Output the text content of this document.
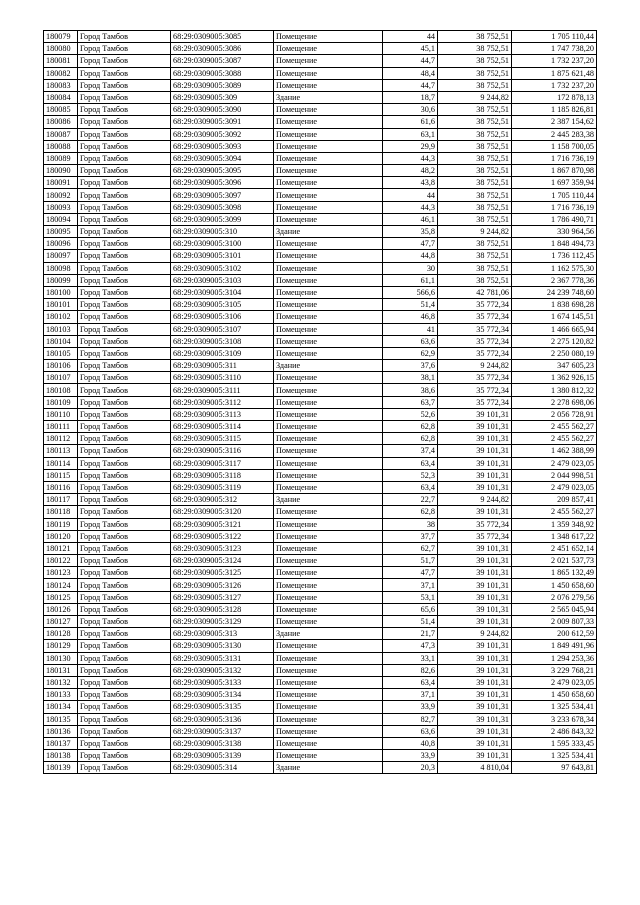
180079	Город Тамбов	68:29:0309005:3085	Помещение	44	38 752,51	1 705 110,44
180080	Город Тамбов	68:29:0309005:3086	Помещение	45,1	38 752,51	1 747 738,20
180081	Город Тамбов	68:29:0309005:3087	Помещение	44,7	38 752,51	1 732 237,20
180082	Город Тамбов	68:29:0309005:3088	Помещение	48,4	38 752,51	1 875 621,48
180083	Город Тамбов	68:29:0309005:3089	Помещение	44,7	38 752,51	1 732 237,20
180084	Город Тамбов	68:29:0309005:309	Здание	18,7	9 244,82	172 878,13
180085	Город Тамбов	68:29:0309005:3090	Помещение	30,6	38 752,51	1 185 826,81
180086	Город Тамбов	68:29:0309005:3091	Помещение	61,6	38 752,51	2 387 154,62
180087	Город Тамбов	68:29:0309005:3092	Помещение	63,1	38 752,51	2 445 283,38
180088	Город Тамбов	68:29:0309005:3093	Помещение	29,9	38 752,51	1 158 700,05
180089	Город Тамбов	68:29:0309005:3094	Помещение	44,3	38 752,51	1 716 736,19
180090	Город Тамбов	68:29:0309005:3095	Помещение	48,2	38 752,51	1 867 870,98
180091	Город Тамбов	68:29:0309005:3096	Помещение	43,8	38 752,51	1 697 359,94
180092	Город Тамбов	68:29:0309005:3097	Помещение	44	38 752,51	1 705 110,44
180093	Город Тамбов	68:29:0309005:3098	Помещение	44,3	38 752,51	1 716 736,19
180094	Город Тамбов	68:29:0309005:3099	Помещение	46,1	38 752,51	1 786 490,71
180095	Город Тамбов	68:29:0309005:310	Здание	35,8	9 244,82	330 964,56
180096	Город Тамбов	68:29:0309005:3100	Помещение	47,7	38 752,51	1 848 494,73
180097	Город Тамбов	68:29:0309005:3101	Помещение	44,8	38 752,51	1 736 112,45
180098	Город Тамбов	68:29:0309005:3102	Помещение	30	38 752,51	1 162 575,30
180099	Город Тамбов	68:29:0309005:3103	Помещение	61,1	38 752,51	2 367 778,36
180100	Город Тамбов	68:29:0309005:3104	Помещение	566,6	42 781,06	24 239 748,60
180101	Город Тамбов	68:29:0309005:3105	Помещение	51,4	35 772,34	1 838 698,28
180102	Город Тамбов	68:29:0309005:3106	Помещение	46,8	35 772,34	1 674 145,51
180103	Город Тамбов	68:29:0309005:3107	Помещение	41	35 772,34	1 466 665,94
180104	Город Тамбов	68:29:0309005:3108	Помещение	63,6	35 772,34	2 275 120,82
180105	Город Тамбов	68:29:0309005:3109	Помещение	62,9	35 772,34	2 250 080,19
180106	Город Тамбов	68:29:0309005:311	Здание	37,6	9 244,82	347 605,23
180107	Город Тамбов	68:29:0309005:3110	Помещение	38,1	35 772,34	1 362 926,15
180108	Город Тамбов	68:29:0309005:3111	Помещение	38,6	35 772,34	1 380 812,32
180109	Город Тамбов	68:29:0309005:3112	Помещение	63,7	35 772,34	2 278 698,06
180110	Город Тамбов	68:29:0309005:3113	Помещение	52,6	39 101,31	2 056 728,91
180111	Город Тамбов	68:29:0309005:3114	Помещение	62,8	39 101,31	2 455 562,27
180112	Город Тамбов	68:29:0309005:3115	Помещение	62,8	39 101,31	2 455 562,27
180113	Город Тамбов	68:29:0309005:3116	Помещение	37,4	39 101,31	1 462 388,99
180114	Город Тамбов	68:29:0309005:3117	Помещение	63,4	39 101,31	2 479 023,05
180115	Город Тамбов	68:29:0309005:3118	Помещение	52,3	39 101,31	2 044 998,51
180116	Город Тамбов	68:29:0309005:3119	Помещение	63,4	39 101,31	2 479 023,05
180117	Город Тамбов	68:29:0309005:312	Здание	22,7	9 244,82	209 857,41
180118	Город Тамбов	68:29:0309005:3120	Помещение	62,8	39 101,31	2 455 562,27
180119	Город Тамбов	68:29:0309005:3121	Помещение	38	35 772,34	1 359 348,92
180120	Город Тамбов	68:29:0309005:3122	Помещение	37,7	35 772,34	1 348 617,22
180121	Город Тамбов	68:29:0309005:3123	Помещение	62,7	39 101,31	2 451 652,14
180122	Город Тамбов	68:29:0309005:3124	Помещение	51,7	39 101,31	2 021 537,73
180123	Город Тамбов	68:29:0309005:3125	Помещение	47,7	39 101,31	1 865 132,49
180124	Город Тамбов	68:29:0309005:3126	Помещение	37,1	39 101,31	1 450 658,60
180125	Город Тамбов	68:29:0309005:3127	Помещение	53,1	39 101,31	2 076 279,56
180126	Город Тамбов	68:29:0309005:3128	Помещение	65,6	39 101,31	2 565 045,94
180127	Город Тамбов	68:29:0309005:3129	Помещение	51,4	39 101,31	2 009 807,33
180128	Город Тамбов	68:29:0309005:313	Здание	21,7	9 244,82	200 612,59
180129	Город Тамбов	68:29:0309005:3130	Помещение	47,3	39 101,31	1 849 491,96
180130	Город Тамбов	68:29:0309005:3131	Помещение	33,1	39 101,31	1 294 253,36
180131	Город Тамбов	68:29:0309005:3132	Помещение	82,6	39 101,31	3 229 768,21
180132	Город Тамбов	68:29:0309005:3133	Помещение	63,4	39 101,31	2 479 023,05
180133	Город Тамбов	68:29:0309005:3134	Помещение	37,1	39 101,31	1 450 658,60
180134	Город Тамбов	68:29:0309005:3135	Помещение	33,9	39 101,31	1 325 534,41
180135	Город Тамбов	68:29:0309005:3136	Помещение	82,7	39 101,31	3 233 678,34
180136	Город Тамбов	68:29:0309005:3137	Помещение	63,6	39 101,31	2 486 843,32
180137	Город Тамбов	68:29:0309005:3138	Помещение	40,8	39 101,31	1 595 333,45
180138	Город Тамбов	68:29:0309005:3139	Помещение	33,9	39 101,31	1 325 534,41
180139	Город Тамбов	68:29:0309005:314	Здание	20,3	4 810,04	97 643,81
